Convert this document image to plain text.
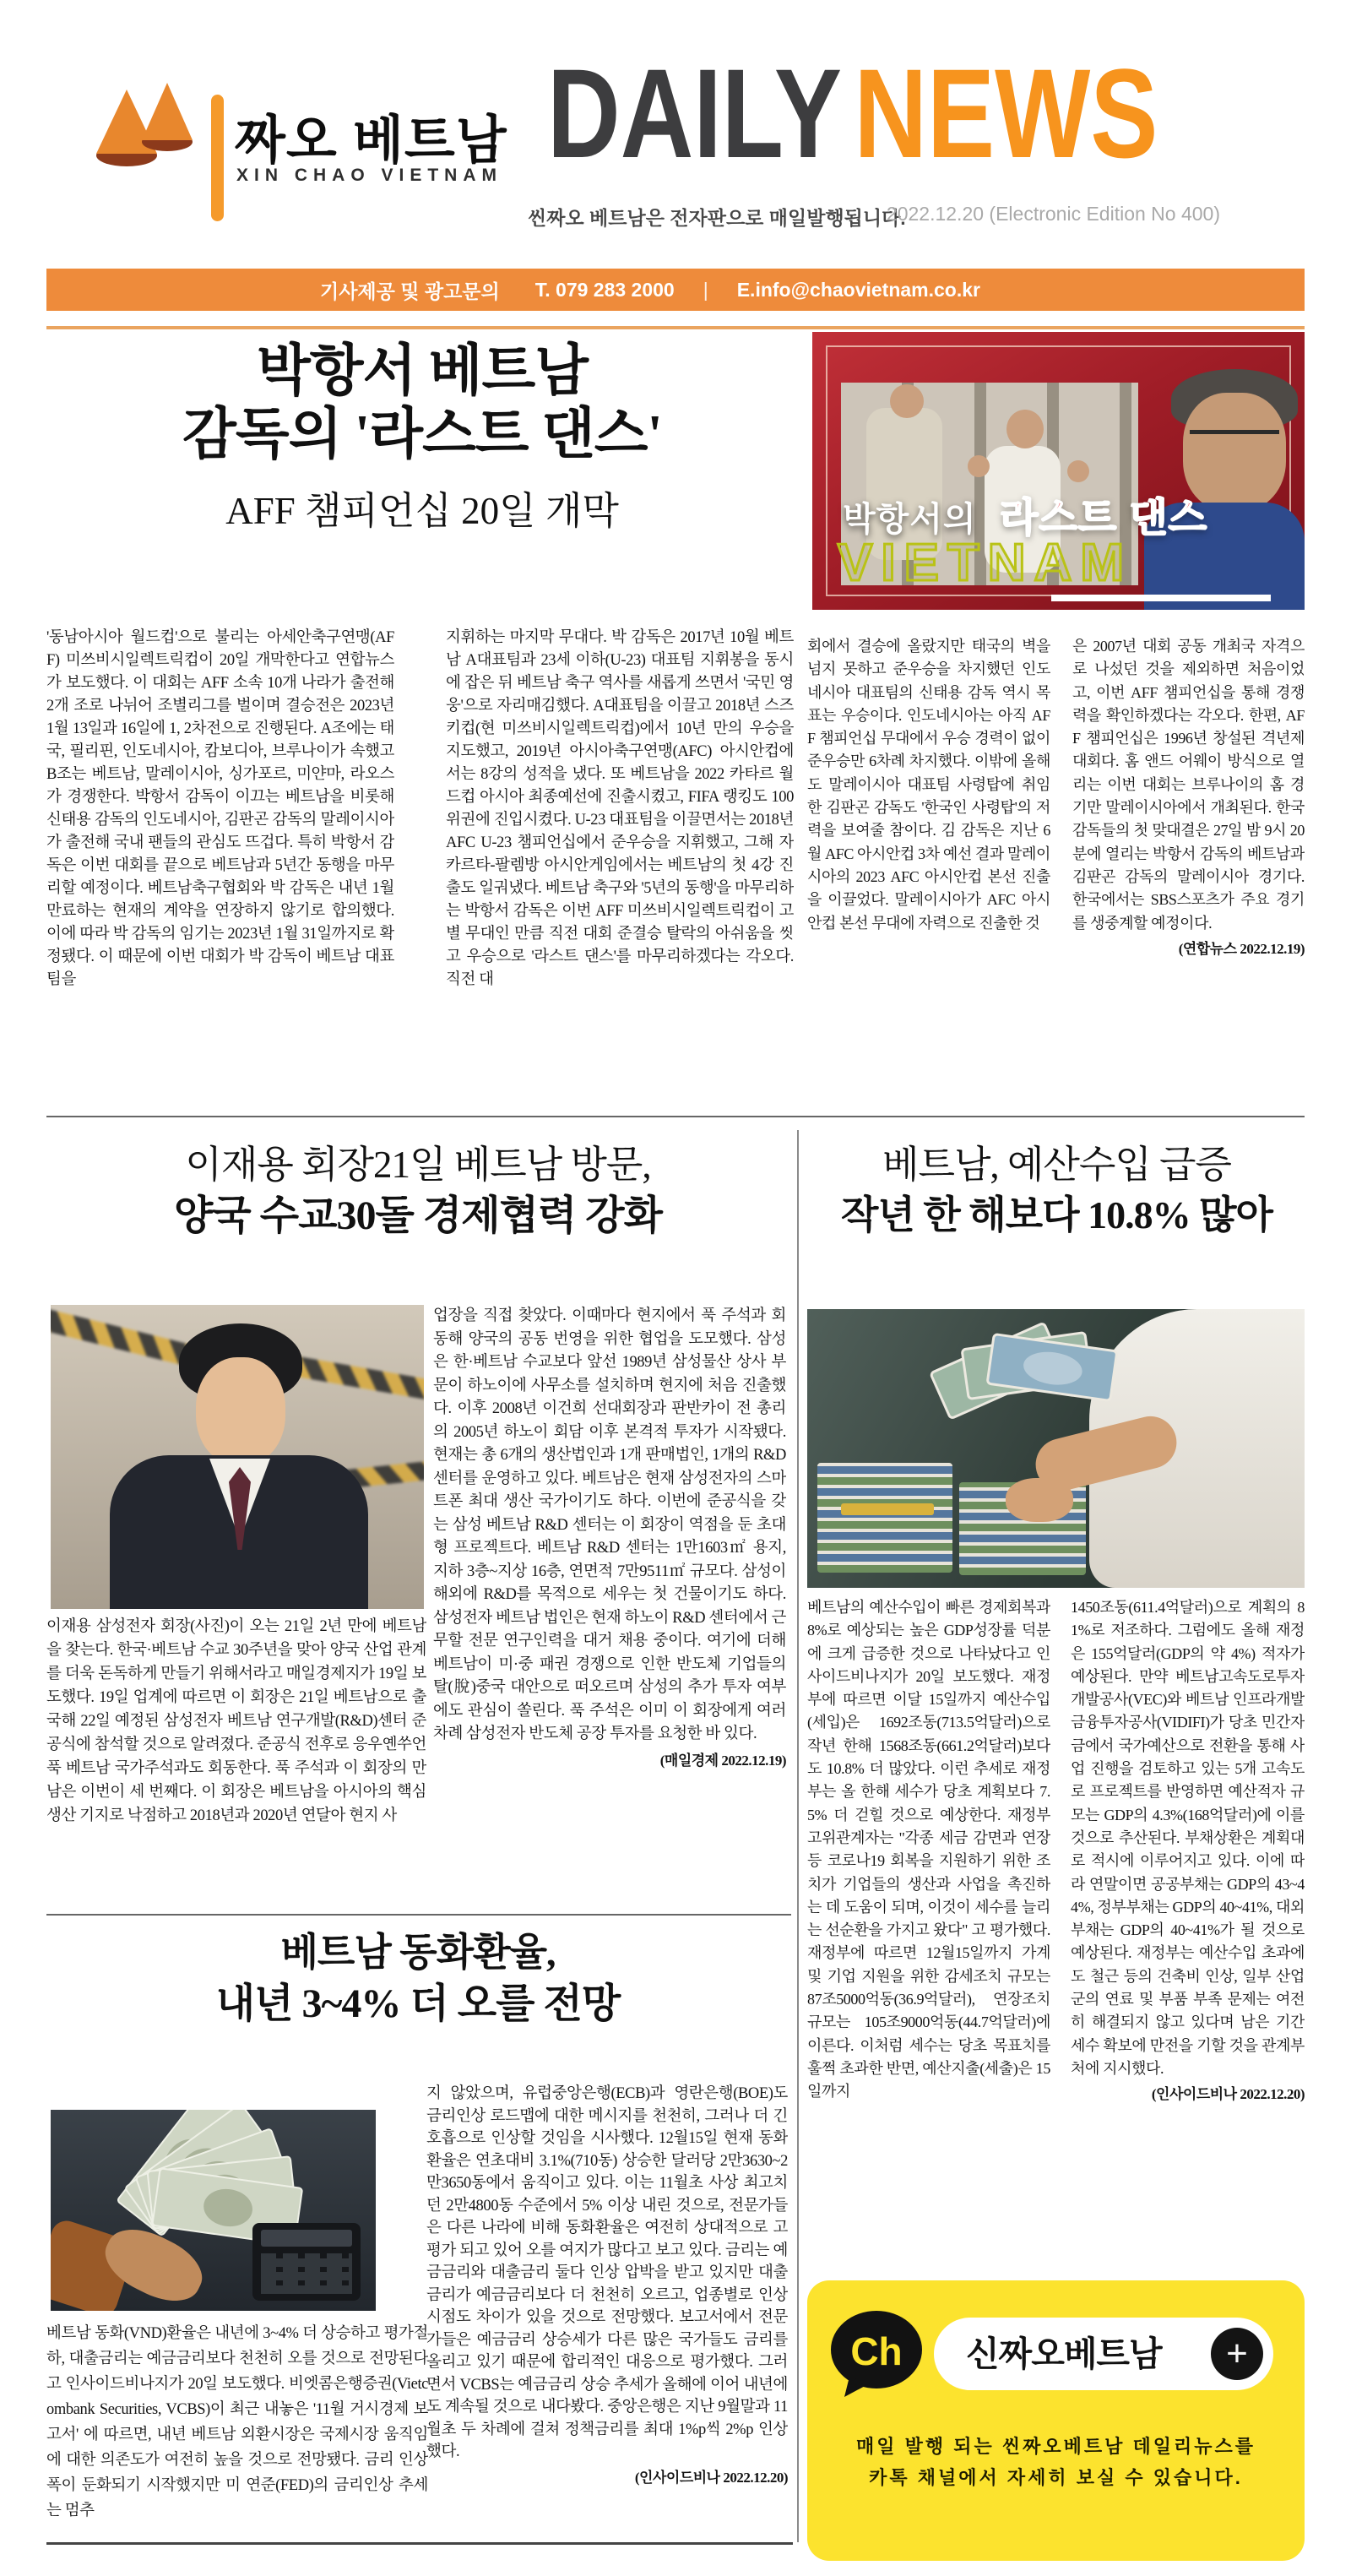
짜오 베트남
XIN CHAO VIETNAM DAILYNEWS
씬짜오 베트남은 전자판으로 매일발행됩니다.
2022.12.20 (Electronic Edition No 400)
기사제공 및 광고문의 T. 079 283 2000 | E.info@chaovietnam.co.kr
박항서 베트남
감독의 '라스트 댄스'
AFF 챔피언십 20일 개막	박항서의 라스트 댄스
VIETNAM
'동남아시아 월드컵'으로 불리는 아세안축구연맹(AFF) 미쓰비시일렉트릭컵이 20일 개막한다고 연합뉴스가 보도했다. 이 대회는 AFF 소속 10개 나라가 출전해 2개 조로 나뉘어 조별리그를 벌이며 결승전은 2023년 1월 13일과 16일에 1, 2차전으로 진행된다. A조에는 태국, 필리핀, 인도네시아, 캄보디아, 브루나이가 속했고 B조는 베트남, 말레이시아, 싱가포르, 미얀마, 라오스가 경쟁한다. 박항서 감독이 이끄는 베트남을 비롯해 신태용 감독의 인도네시아, 김판곤 감독의 말레이시아가 출전해 국내 팬들의 관심도 뜨겁다. 특히 박항서 감독은 이번 대회를 끝으로 베트남과 5년간 동행을 마무리할 예정이다. 베트남축구협회와 박 감독은 내년 1월 만료하는 현재의 계약을 연장하지 않기로 합의했다. 이에 따라 박 감독의 임기는 2023년 1월 31일까지로 확정됐다. 이 때문에 이번 대회가 박 감독이 베트남 대표팀을
지휘하는 마지막 무대다. 박 감독은 2017년 10월 베트남 A대표팀과 23세 이하(U-23) 대표팀 지휘봉을 동시에 잡은 뒤 베트남 축구 역사를 새롭게 쓰면서 '국민 영웅'으로 자리매김했다. A대표팀을 이끌고 2018년 스즈키컵(현 미쓰비시일렉트릭컵)에서 10년 만의 우승을 지도했고, 2019년 아시아축구연맹(AFC) 아시안컵에서는 8강의 성적을 냈다. 또 베트남을 2022 카타르 월드컵 아시아 최종예선에 진출시켰고, FIFA 랭킹도 100위권에 진입시켰다. U-23 대표팀을 이끌면서는 2018년 AFC U-23 챔피언십에서 준우승을 지휘했고, 그해 자카르타-팔렘방 아시안게임에서는 베트남의 첫 4강 진출도 일궈냈다. 베트남 축구와 '5년의 동행'을 마무리하는 박항서 감독은 이번 AFF 미쓰비시일렉트릭컵이 고별 무대인 만큼 직전 대회 준결승 탈락의 아쉬움을 씻고 우승으로 '라스트 댄스'를 마무리하겠다는 각오다. 직전 대
회에서 결승에 올랐지만 태국의 벽을 넘지 못하고 준우승을 차지했던 인도네시아 대표팀의 신태용 감독 역시 목표는 우승이다. 인도네시아는 아직 AFF 챔피언십 무대에서 우승 경력이 없이 준우승만 6차례 차지했다. 이밖에 올해도 말레이시아 대표팀 사령탑에 취임한 김판곤 감독도 '한국인 사령탑'의 저력을 보여줄 참이다. 김 감독은 지난 6월 AFC 아시안컵 3차 예선 결과 말레이시아의 2023 AFC 아시안컵 본선 진출을 이끌었다. 말레이시아가 AFC 아시안컵 본선 무대에 자력으로 진출한 것
은 2007년 대회 공동 개최국 자격으로 나섰던 것을 제외하면 처음이었고, 이번 AFF 챔피언십을 통해 경쟁력을 확인하겠다는 각오다. 한편, AFF 챔피언십은 1996년 창설된 격년제 대회다. 홈 앤드 어웨이 방식으로 열리는 이번 대회는 브루나이의 홈 경기만 말레이시아에서 개최된다. 한국 감독들의 첫 맞대결은 27일 밤 9시 20분에 열리는 박항서 감독의 베트남과 김판곤 감독의 말레이시아 경기다. 한국에서는 SBS스포츠가 주요 경기를 생중계할 예정이다.
(연합뉴스 2022.12.19)
이재용 회장21일 베트남 방문,
양국 수교30돌 경제협력 강화
업장을 직접 찾았다. 이때마다 현지에서 푹 주석과 회동해 양국의 공동 번영을 위한 협업을 도모했다. 삼성은 한·베트남 수교보다 앞선 1989년 삼성물산 상사 부문이 하노이에 사무소를 설치하며 현지에 처음 진출했다. 이후 2008년 이건희 선대회장과 판반카이 전 총리의 2005년 하노이 회담 이후 본격적 투자가 시작됐다. 현재는 총 6개의 생산법인과 1개 판매법인, 1개의 R&D 센터를 운영하고 있다. 베트남은 현재 삼성전자의 스마트폰 최대 생산 국가이기도 하다. 이번에 준공식을 갖는 삼성 베트남 R&D 센터는 이 회장이 역점을 둔 초대형 프로젝트다. 베트남 R&D 센터는 1만1603㎡ 용지, 지하 3층~지상 16층, 연면적 7만9511㎡ 규모다. 삼성이 해외에 R&D를 목적으로 세우는 첫 건물이기도 하다. 삼성전자 베트남 법인은 현재 하노이 R&D 센터에서 근무할 전문 연구인력을 대거 채용 중이다. 여기에 더해 베트남이 미·중 패권 경쟁으로 인한 반도체 기업들의 탈(脫)중국 대안으로 떠오르며 삼성의 추가 투자 여부에도 관심이 쏠린다. 푹 주석은 이미 이 회장에게 여러 차례 삼성전자 반도체 공장 투자를 요청한 바 있다.
(매일경제 2022.12.19)
이재용 삼성전자 회장(사진)이 오는 21일 2년 만에 베트남을 찾는다. 한국·베트남 수교 30주년을 맞아 양국 산업 관계를 더욱 돈독하게 만들기 위해서라고 매일경제지가 19일 보도했다. 19일 업계에 따르면 이 회장은 21일 베트남으로 출국해 22일 예정된 삼성전자 베트남 연구개발(R&D)센터 준공식에 참석할 것으로 알려졌다. 준공식 전후로 응우옌쑤언푹 베트남 국가주석과도 회동한다. 푹 주석과 이 회장의 만남은 이번이 세 번째다. 이 회장은 베트남을 아시아의 핵심 생산 기지로 낙점하고 2018년과 2020년 연달아 현지 사
베트남, 예산수입 급증
작년 한 해보다 10.8% 많아
베트남의 예산수입이 빠른 경제회복과 8%로 예상되는 높은 GDP성장률 덕분에 크게 급증한 것으로 나타났다고 인사이드비나지가 20일 보도했다. 재정부에 따르면 이달 15일까지 예산수입(세입)은 1692조동(713.5억달러)으로 작년 한해 1568조동(661.2억달러)보다도 10.8% 더 많았다. 이런 추세로 재정부는 올 한해 세수가 당초 계획보다 7.5% 더 걷힐 것으로 예상한다. 재정부 고위관계자는 "각종 세금 감면과 연장 등 코로나19 회복을 지원하기 위한 조치가 기업들의 생산과 사업을 촉진하는 데 도움이 되며, 이것이 세수를 늘리는 선순환을 가지고 왔다" 고 평가했다. 재정부에 따르면 12월15일까지 가계 및 기업 지원을 위한 감세조치 규모는 87조5000억동(36.9억달러), 연장조치 규모는 105조9000억동(44.7억달러)에 이른다. 이처럼 세수는 당초 목표치를 훌쩍 초과한 반면, 예산지출(세출)은 15일까지
1450조동(611.4억달러)으로 계획의 81%로 저조하다. 그럼에도 올해 재정은 155억달러(GDP의 약 4%) 적자가 예상된다. 만약 베트남고속도로투자개발공사(VEC)와 베트남 인프라개발금융투자공사(VIDIFI)가 당초 민간자금에서 국가예산으로 전환을 통해 사업 진행을 검토하고 있는 5개 고속도로 프로젝트를 반영하면 예산적자 규모는 GDP의 4.3%(168억달러)에 이를 것으로 추산된다. 부채상환은 계획대로 적시에 이루어지고 있다. 이에 따라 연말이면 공공부채는 GDP의 43~44%, 정부부채는 GDP의 40~41%, 대외부채는 GDP의 40~41%가 될 것으로 예상된다. 재정부는 예산수입 초과에도 철근 등의 건축비 인상, 일부 산업군의 연료 및 부품 부족 문제는 여전히 해결되지 않고 있다며 남은 기간 세수 확보에 만전을 기할 것을 관계부처에 지시했다.
(인사이드비나 2022.12.20)
베트남 동화환율,
내년 3~4% 더 오를 전망
지 않았으며, 유럽중앙은행(ECB)과 영란은행(BOE)도 금리인상 로드맵에 대한 메시지를 천천히, 그러나 더 긴 호흡으로 인상할 것임을 시사했다. 12월15일 현재 동화환율은 연초대비 3.1%(710동) 상승한 달러당 2만3630~2만3650동에서 움직이고 있다. 이는 11월초 사상 최고치던 2만4800동 수준에서 5% 이상 내린 것으로, 전문가들은 다른 나라에 비해 동화환율은 여전히 상대적으로 고평가 되고 있어 오를 여지가 많다고 보고 있다. 금리는 예금금리와 대출금리 둘다 인상 압박을 받고 있지만 대출금리가 예금금리보다 더 천천히 오르고, 업종별로 인상 시점도 차이가 있을 것으로 전망했다. 보고서에서 전문가들은 예금금리 상승세가 다른 많은 국가들도 금리를 올리고 있기 때문에 합리적인 대응으로 평가했다. 그러면서 VCBS는 예금금리 상승 추세가 올해에 이어 내년에도 계속될 것으로 내다봤다. 중앙은행은 지난 9월말과 11월초 두 차례에 걸쳐 정책금리를 최대 1%p씩 2%p 인상했다.
(인사이드비나 2022.12.20)
베트남 동화(VND)환율은 내년에 3~4% 더 상승하고 평가절하, 대출금리는 예금금리보다 천천히 오를 것으로 전망된다고 인사이드비나지가 20일 보도했다. 비엣콤은행증권(Vietcombank Securities, VCBS)이 최근 내놓은 '11월 거시경제 보고서' 에 따르면, 내년 베트남 외환시장은 국제시장 움직임에 대한 의존도가 여전히 높을 것으로 전망됐다. 금리 인상폭이 둔화되기 시작했지만 미 연준(FED)의 금리인상 추세는 멈추
Ch 신짜오베트남	+
매일 발행 되는 씬짜오베트남 데일리뉴스를
카톡 채널에서 자세히 보실 수 있습니다.
